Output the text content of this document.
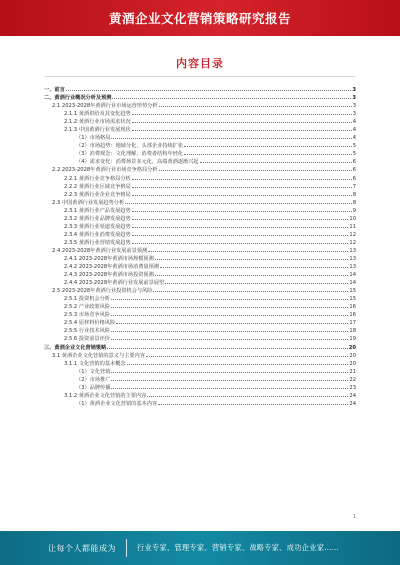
黄酒企业文化营销策略研究报告
内容目录
一、前言	3
二、黄酒行业概况分析及预测	3
2.1 2023-2028年黄酒行业市场运营形势分析	3
2.1.1 黄酒供给及其变化趋势	3
2.1.2 黄酒行业市场需求状况	4
2.1.3 中国黄酒行业发展现状	4
（1）市场格局	4
（2）市场趋势：地域分化，头部企业持续扩张	5
（3）消费观念：文化理解，消费者结构年轻化	5
（4）需求变化：消费场景多元化，高端黄酒逐渐兴起	6
2.2 2023-2028年黄酒行业市场竞争格局分析	6
2.2.1 黄酒行业竞争格局分析	6
2.2.2 黄酒行业区域竞争格局	7
2.2.3 黄酒行业企业竞争格局	8
2.3 中国黄酒行业发展趋势分析	8
2.3.1 黄酒行业产品发展趋势	9
2.3.2 黄酒行业品牌发展趋势	10
2.3.3 黄酒行业渠道发展趋势	11
2.3.4 黄酒行业消费发展趋势	12
2.3.5 黄酒行业营销发展趋势	12
2.4 2023-2028年黄酒行业发展前景预测	13
2.4.1 2023-2028年黄酒市场规模预测	13
2.4.2 2023-2028年黄酒市场消费量预测	13
2.4.3 2023-2028年黄酒市场投资预测	14
2.4.4 2023-2028年黄酒行业发展前景展望	14
2.5 2023-2028年黄酒行业投资机会与风险	15
2.5.1 投资机会分析	15
2.5.2 产业政策风险	16
2.5.3 市场竞争风险	16
2.5.4 原材料价格风险	17
2.5.5 行业技术风险	18
2.5.6 投资前景评价	19
三、黄酒企业文化营销策略	20
3.1 黄酒企业文化营销的意义与主要内容	20
3.1.1 文化营销的基本概念	20
（1）文化营销	21
（2）市场推广	22
（3）品牌传播	23
3.1.2 黄酒企业文化营销的主要内容	24
（1）黄酒企业文化营销的基本内容	24
1
让每个人都能成为	行业专家、管理专家、营销专家、战略专家、成功企业家……
